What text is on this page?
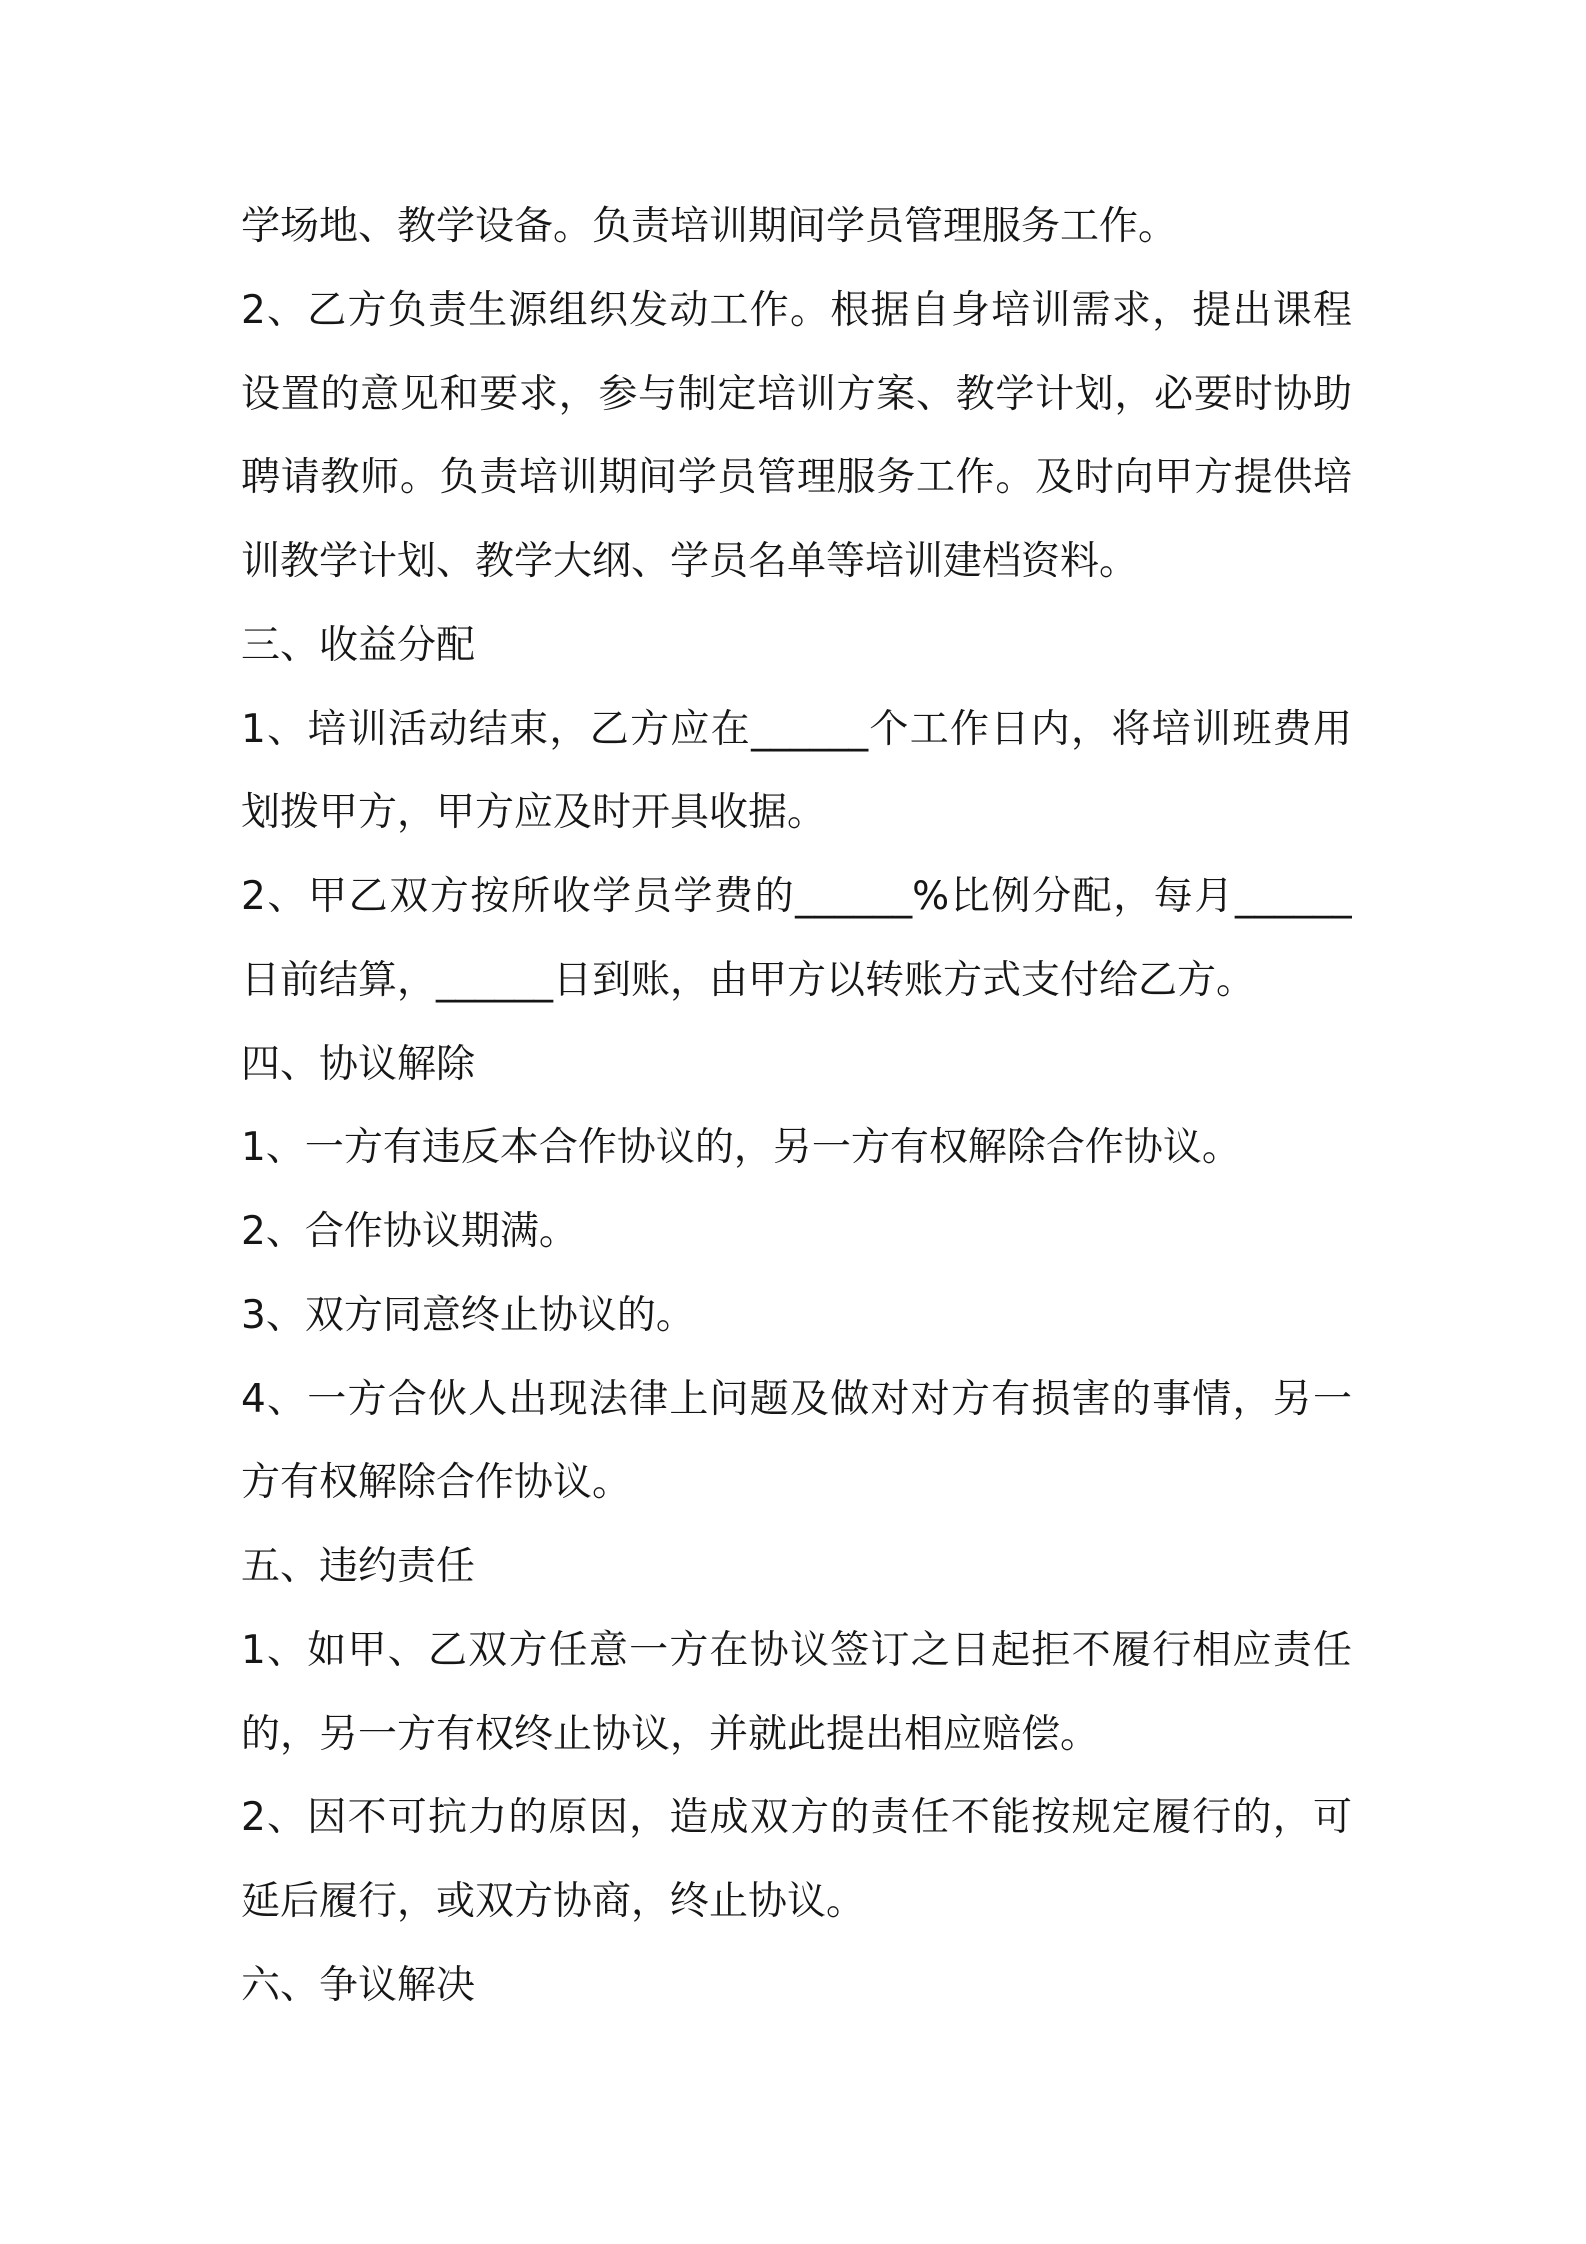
学场地、教学设备。负责培训期间学员管理服务工作。
2、乙方负责生源组织发动工作。根据自身培训需求，提出课程
设置的意见和要求，参与制定培训方案、教学计划，必要时协助
聘请教师。负责培训期间学员管理服务工作。及时向甲方提供培
训教学计划、教学大纲、学员名单等培训建档资料。
三、收益分配
1、培训活动结束，乙方应在______个工作日内，将培训班费用
划拨甲方，甲方应及时开具收据。
2、甲乙双方按所收学员学费的______%比例分配，每月______
日前结算，______日到账，由甲方以转账方式支付给乙方。
四、协议解除
1、一方有违反本合作协议的，另一方有权解除合作协议。
2、合作协议期满。
3、双方同意终止协议的。
4、一方合伙人出现法律上问题及做对对方有损害的事情，另一
方有权解除合作协议。
五、违约责任
1、如甲、乙双方任意一方在协议签订之日起拒不履行相应责任
的，另一方有权终止协议，并就此提出相应赔偿。
2、因不可抗力的原因，造成双方的责任不能按规定履行的，可
延后履行，或双方协商，终止协议。
六、争议解决
